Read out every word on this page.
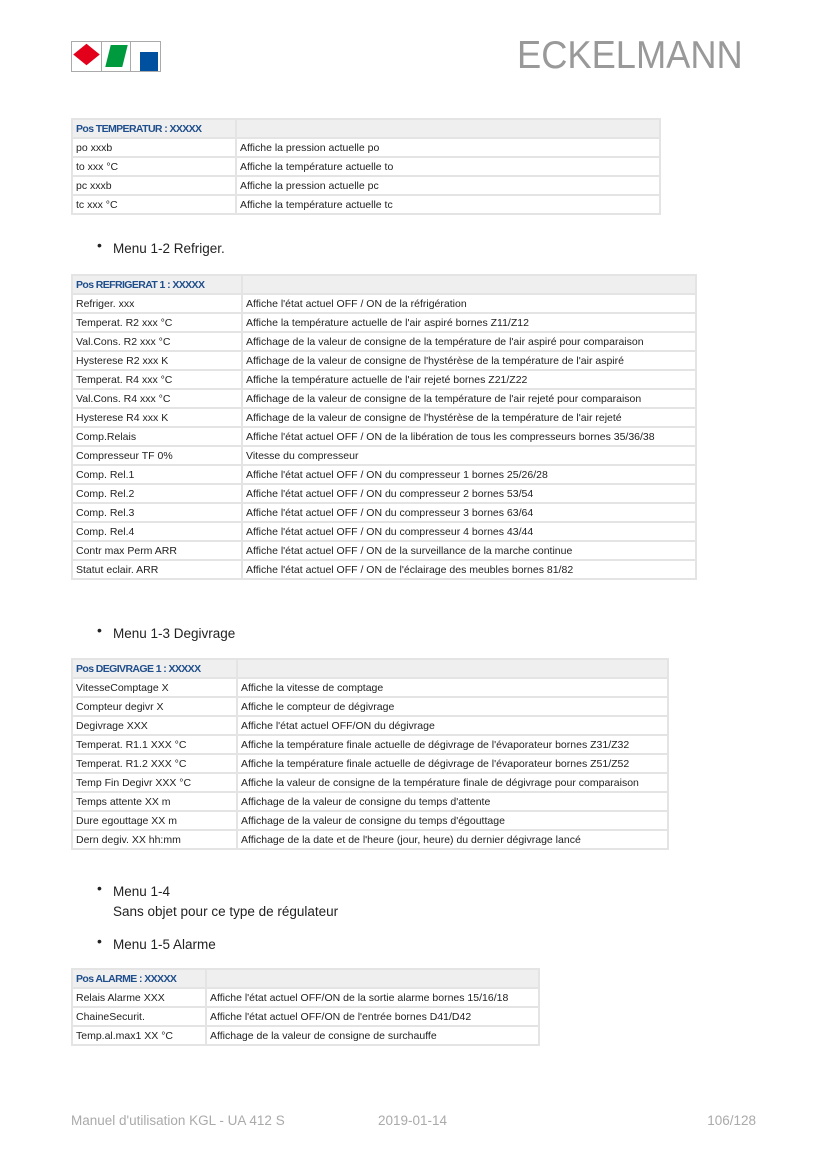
ECKELMANN
Pos TEMPERATUR : XXXXX	
po xxxb	Affiche la pression actuelle po
to xxx °C	Affiche la température actuelle to
pc xxxb	Affiche la pression actuelle pc
tc xxx °C	Affiche la température actuelle tc
• Menu 1-2 Refriger.
Pos REFRIGERAT 1 : XXXXX	
Refriger. xxx	Affiche l'état actuel OFF / ON de la réfrigération
Temperat. R2 xxx °C	Affiche la température actuelle de l'air aspiré bornes Z11/Z12
Val.Cons. R2 xxx °C	Affichage de la valeur de consigne de la température de l'air aspiré pour comparaison
Hysterese R2 xxx K	Affichage de la valeur de consigne de l'hystérèse de la température de l'air aspiré
Temperat. R4 xxx °C	Affiche la température actuelle de l'air rejeté bornes Z21/Z22
Val.Cons. R4 xxx °C	Affichage de la valeur de consigne de la température de l'air rejeté pour comparaison
Hysterese R4 xxx K	Affichage de la valeur de consigne de l'hystérèse de la température de l'air rejeté
Comp.Relais	Affiche l'état actuel OFF / ON de la libération de tous les compresseurs bornes 35/36/38
Compresseur TF 0%	Vitesse du compresseur
Comp. Rel.1	Affiche l'état actuel OFF / ON du compresseur 1 bornes 25/26/28
Comp. Rel.2	Affiche l'état actuel OFF / ON du compresseur 2 bornes 53/54
Comp. Rel.3	Affiche l'état actuel OFF / ON du compresseur 3 bornes 63/64
Comp. Rel.4	Affiche l'état actuel OFF / ON du compresseur 4 bornes 43/44
Contr max Perm ARR	Affiche l'état actuel OFF / ON de la surveillance de la marche continue
Statut eclair. ARR	Affiche l'état actuel OFF / ON de l'éclairage des meubles bornes 81/82
• Menu 1-3 Degivrage
Pos DEGIVRAGE 1 : XXXXX	
VitesseComptage X	Affiche la vitesse de comptage
Compteur degivr X	Affiche le compteur de dégivrage
Degivrage XXX	Affiche l'état actuel OFF/ON du dégivrage
Temperat. R1.1 XXX °C	Affiche la température finale actuelle de dégivrage de l'évaporateur bornes Z31/Z32
Temperat. R1.2 XXX °C	Affiche la température finale actuelle de dégivrage de l'évaporateur bornes Z51/Z52
Temp Fin Degivr XXX °C	Affiche la valeur de consigne de la température finale de dégivrage pour comparaison
Temps attente XX m	Affichage de la valeur de consigne du temps d'attente
Dure egouttage XX m	Affichage de la valeur de consigne du temps d'égouttage
Dern degiv. XX hh:mm	Affichage de la date et de l'heure (jour, heure) du dernier dégivrage lancé
• Menu 1-4
Sans objet pour ce type de régulateur
• Menu 1-5 Alarme
Pos ALARME : XXXXX	
Relais Alarme XXX	Affiche l'état actuel OFF/ON de la sortie alarme bornes 15/16/18
ChaineSecurit.	Affiche l'état actuel OFF/ON de l'entrée bornes D41/D42
Temp.al.max1 XX °C	Affichage de la valeur de consigne de surchauffe
Manuel d'utilisation KGL - UA 412 S	2019-01-14	106/128
